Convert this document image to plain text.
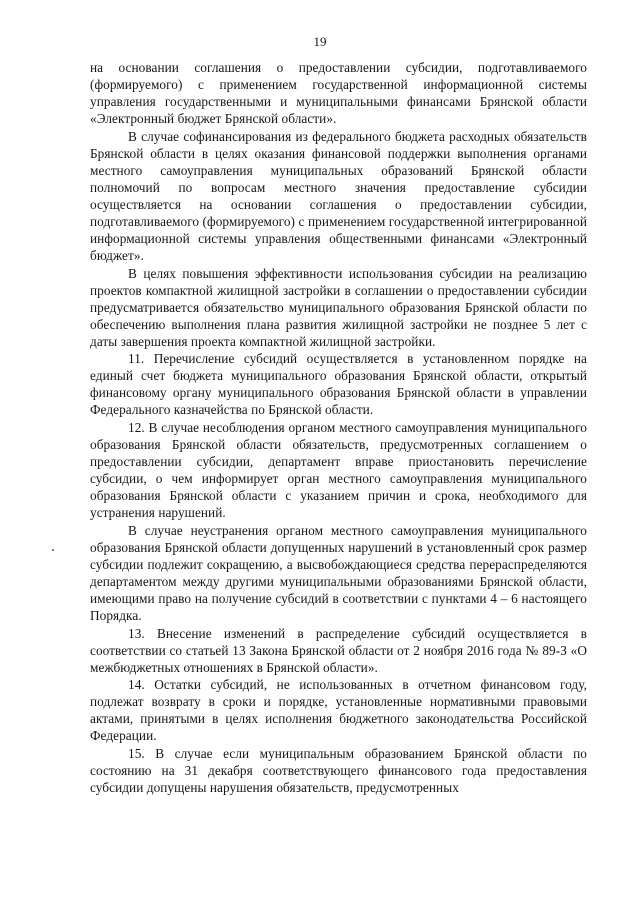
19

на основании соглашения о предоставлении субсидии, подготавливаемого (формируемого) с применением государственной информационной системы управления государственными и муниципальными финансами Брянской области «Электронный бюджет Брянской области».

В случае софинансирования из федерального бюджета расходных обязательств Брянской области в целях оказания финансовой поддержки выполнения органами местного самоуправления муниципальных образований Брянской области полномочий по вопросам местного значения предоставление субсидии осуществляется на основании соглашения о предоставлении субсидии, подготавливаемого (формируемого) с применением государственной интегрированной информационной системы управления общественными финансами «Электронный бюджет».

В целях повышения эффективности использования субсидии на реализацию проектов компактной жилищной застройки в соглашении о предоставлении субсидии предусматривается обязательство муниципального образования Брянской области по обеспечению выполнения плана развития жилищной застройки не позднее 5 лет с даты завершения проекта компактной жилищной застройки.

11. Перечисление субсидий осуществляется в установленном порядке на единый счет бюджета муниципального образования Брянской области, открытый финансовому органу муниципального образования Брянской области в управлении Федерального казначейства по Брянской области.

12. В случае несоблюдения органом местного самоуправления муниципального образования Брянской области обязательств, предусмотренных соглашением о предоставлении субсидии, департамент вправе приостановить перечисление субсидии, о чем информирует орган местного самоуправления муниципального образования Брянской области с указанием причин и срока, необходимого для устранения нарушений.

В случае неустранения органом местного самоуправления муниципального образования Брянской области допущенных нарушений в установленный срок размер субсидии подлежит сокращению, а высвобождающиеся средства перераспределяются департаментом между другими муниципальными образованиями Брянской области, имеющими право на получение субсидий в соответствии с пунктами 4 – 6 настоящего Порядка.

13. Внесение изменений в распределение субсидий осуществляется в соответствии со статьей 13 Закона Брянской области от 2 ноября 2016 года № 89-З «О межбюджетных отношениях в Брянской области».

14. Остатки субсидий, не использованных в отчетном финансовом году, подлежат возврату в сроки и порядке, установленные нормативными правовыми актами, принятыми в целях исполнения бюджетного законодательства Российской Федерации.

15. В случае если муниципальным образованием Брянской области по состоянию на 31 декабря соответствующего финансового года предоставления субсидии допущены нарушения обязательств, предусмотренных
